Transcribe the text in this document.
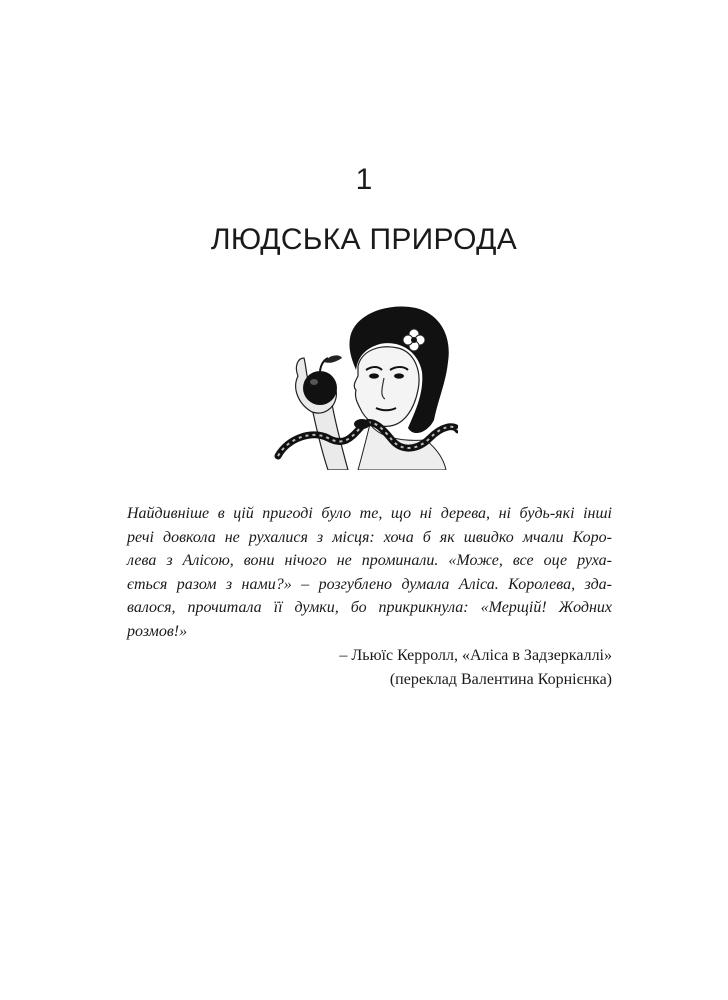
1
ЛЮДСЬКА ПРИРОДА
Найдивніше в цій пригоді було те, що ні дерева, ні будь-які інші
речі довкола не рухалися з місця: хоча б як швидко мчали Коро-
лева з Алісою, вони нічого не проминали. «Може, все оце руха-
ється разом з нами?» – розгублено думала Аліса. Королева, зда-
валося, прочитала її думки, бо прикрикнула: «Мерщій! Жодних
розмов!»
– Льюїс Керролл, «Аліса в Задзеркаллі»
(переклад Валентина Корнієнка)
